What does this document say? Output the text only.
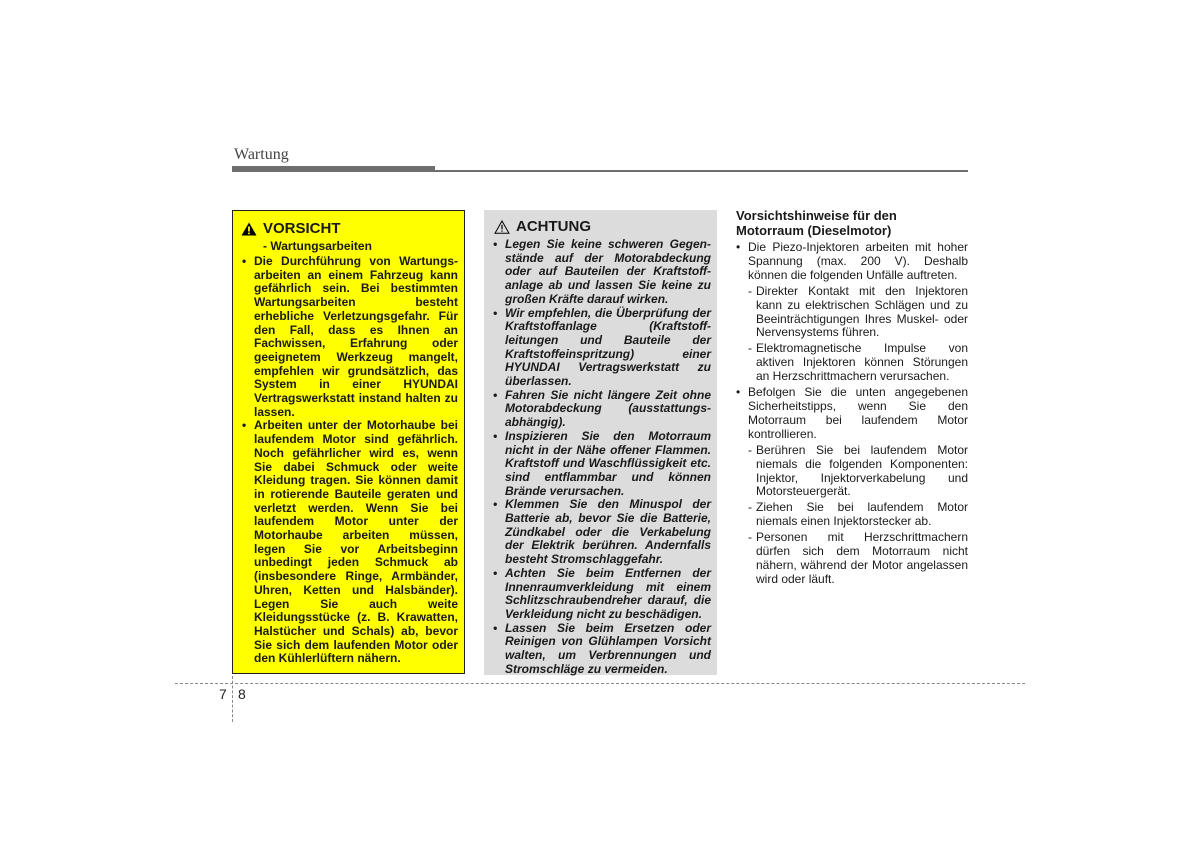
Wartung
VORSICHT
- Wartungsarbeiten
• Die Durchführung von Wartungsarbeiten an einem Fahrzeug kann gefährlich sein. Bei bestimmten Wartungsarbeiten besteht erhebliche Verletzungsgefahr. Für den Fall, dass es Ihnen an Fachwissen, Erfahrung oder geeignetem Werkzeug mangelt, empfehlen wir grundsätzlich, das System in einer HYUNDAI Vertragswerkstatt instand halten zu lassen.
• Arbeiten unter der Motorhaube bei laufendem Motor sind gefährlich. Noch gefährlicher wird es, wenn Sie dabei Schmuck oder weite Kleidung tragen. Sie können damit in rotierende Bauteile geraten und verletzt werden. Wenn Sie bei laufendem Motor unter der Motorhaube arbeiten müssen, legen Sie vor Arbeitsbeginn unbedingt jeden Schmuck ab (insbesondere Ringe, Armbänder, Uhren, Ketten und Halsbänder). Legen Sie auch weite Kleidungsstücke (z. B. Krawatten, Halstücher und Schals) ab, bevor Sie sich dem laufenden Motor oder den Kühlerlüftern nähern.
ACHTUNG
• Legen Sie keine schweren Gegenstände auf der Motorabdeckung oder auf Bauteilen der Kraftstoffanlage ab und lassen Sie keine zu großen Kräfte darauf wirken.
• Wir empfehlen, die Überprüfung der Kraftstoffanlage (Kraftstoffleitungen und Bauteile der Kraftstoffeinspritzung) einer HYUNDAI Vertragswerkstatt zu überlassen.
• Fahren Sie nicht längere Zeit ohne Motorabdeckung (ausstattungsabhängig).
• Inspizieren Sie den Motorraum nicht in der Nähe offener Flammen. Kraftstoff und Waschflüssigkeit etc. sind entflammbar und können Brände verursachen.
• Klemmen Sie den Minuspol der Batterie ab, bevor Sie die Batterie, Zündkabel oder die Verkabelung der Elektrik berühren. Andernfalls besteht Stromschlaggefahr.
• Achten Sie beim Entfernen der Innenraumverkleidung mit einem Schlitzschraubendreher darauf, die Verkleidung nicht zu beschädigen.
• Lassen Sie beim Ersetzen oder Reinigen von Glühlampen Vorsicht walten, um Verbrennungen und Stromschläge zu vermeiden.
Vorsichtshinweise für den Motorraum (Dieselmotor)
• Die Piezo-Injektoren arbeiten mit hoher Spannung (max. 200 V). Deshalb können die folgenden Unfälle auftreten.
- Direkter Kontakt mit den Injektoren kann zu elektrischen Schlägen und zu Beeinträchtigungen Ihres Muskel- oder Nervensystems führen.
- Elektromagnetische Impulse von aktiven Injektoren können Störungen an Herzschrittmachern verursachen.
• Befolgen Sie die unten angegebenen Sicherheitstipps, wenn Sie den Motorraum bei laufendem Motor kontrollieren.
- Berühren Sie bei laufendem Motor niemals die folgenden Komponenten: Injektor, Injektorverkabelung und Motorsteuergerät.
- Ziehen Sie bei laufendem Motor niemals einen Injektorstecker ab.
- Personen mit Herzschrittmachern dürfen sich dem Motorraum nicht nähern, während der Motor angelassen wird oder läuft.
7 8
